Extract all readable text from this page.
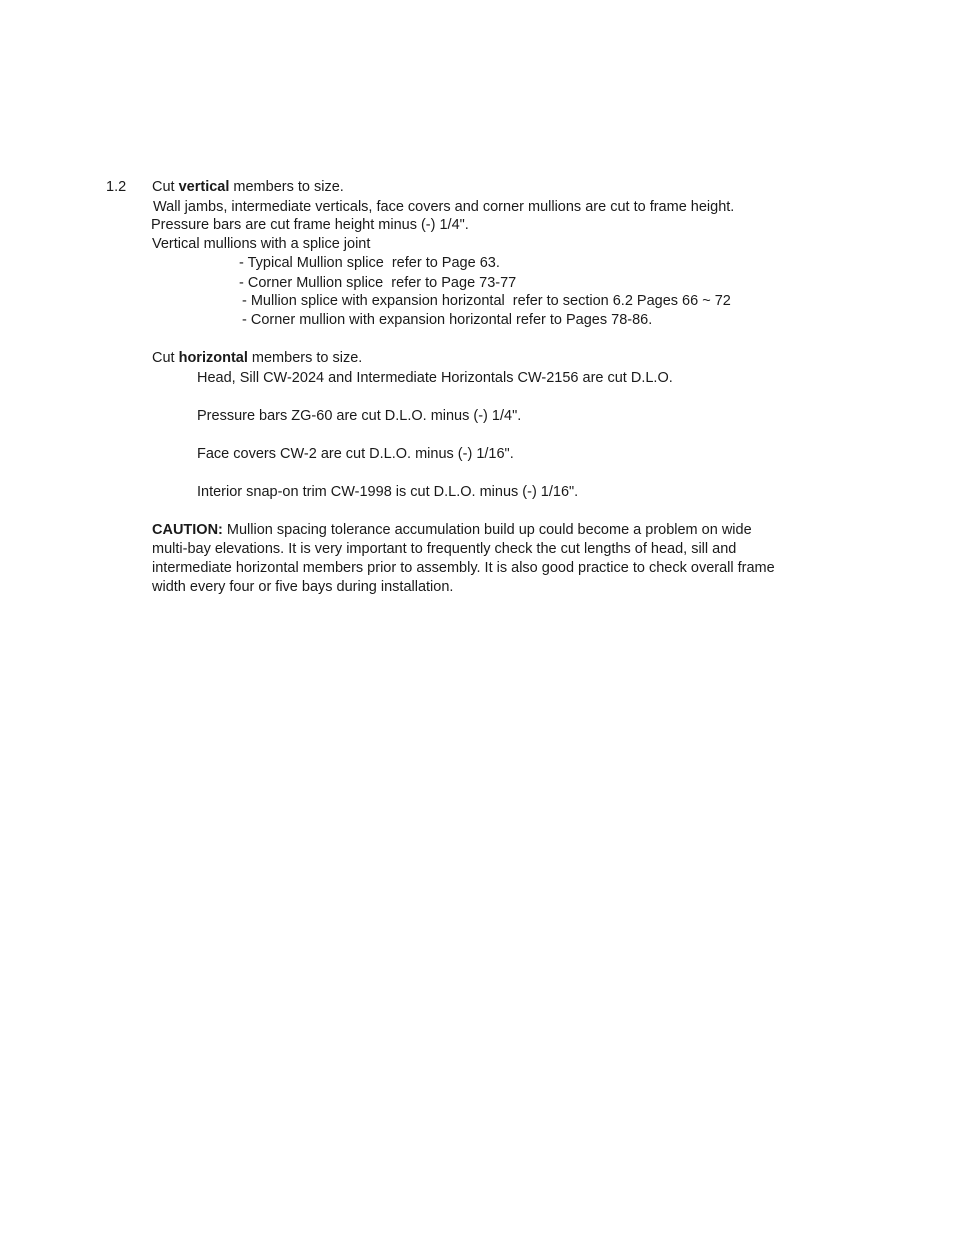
1.2 Cut vertical members to size.
Wall jambs, intermediate verticals, face covers and corner mullions are cut to frame height.
Pressure bars are cut frame height minus (-) 1/4".
Vertical mullions with a splice joint
- Typical Mullion splice  refer to Page 63.
- Corner Mullion splice  refer to Page 73-77
- Mullion splice with expansion horizontal  refer to section 6.2 Pages 66 ~ 72
- Corner mullion with expansion horizontal refer to Pages 78-86.
Cut horizontal members to size.
Head, Sill CW-2024 and Intermediate Horizontals CW-2156 are cut D.L.O.
Pressure bars ZG-60 are cut D.L.O. minus (-) 1/4".
Face covers CW-2 are cut D.L.O. minus (-) 1/16".
Interior snap-on trim CW-1998 is cut D.L.O. minus (-) 1/16".
CAUTION: Mullion spacing tolerance accumulation build up could become a problem on wide
multi-bay elevations. It is very important to frequently check the cut lengths of head, sill and
intermediate horizontal members prior to assembly. It is also good practice to check overall frame
width every four or five bays during installation.
